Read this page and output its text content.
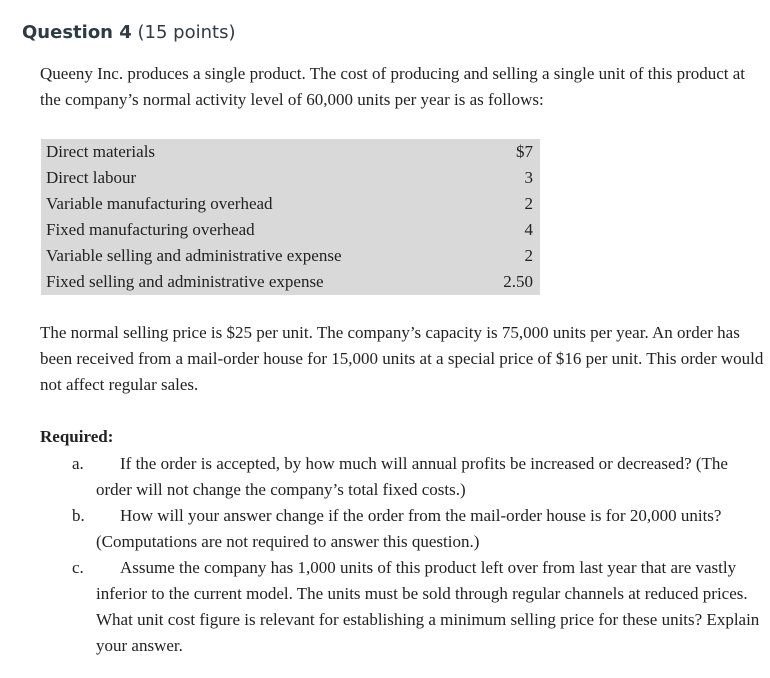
Question 4 (15 points)

Queeny Inc. produces a single product. The cost of producing and selling a single unit of this product at the company’s normal activity level of 60,000 units per year is as follows:

Direct materials	$7
Direct labour	3
Variable manufacturing overhead	2
Fixed manufacturing overhead	4
Variable selling and administrative expense	2
Fixed selling and administrative expense	2.50

The normal selling price is $25 per unit. The company’s capacity is 75,000 units per year. An order has been received from a mail-order house for 15,000 units at a special price of $16 per unit. This order would not affect regular sales.

Required:
a.	If the order is accepted, by how much will annual profits be increased or decreased? (The order will not change the company’s total fixed costs.)

b.	How will your answer change if the order from the mail-order house is for 20,000 units? (Computations are not required to answer this question.)

c.	Assume the company has 1,000 units of this product left over from last year that are vastly inferior to the current model. The units must be sold through regular channels at reduced prices. What unit cost figure is relevant for establishing a minimum selling price for these units? Explain your answer.
